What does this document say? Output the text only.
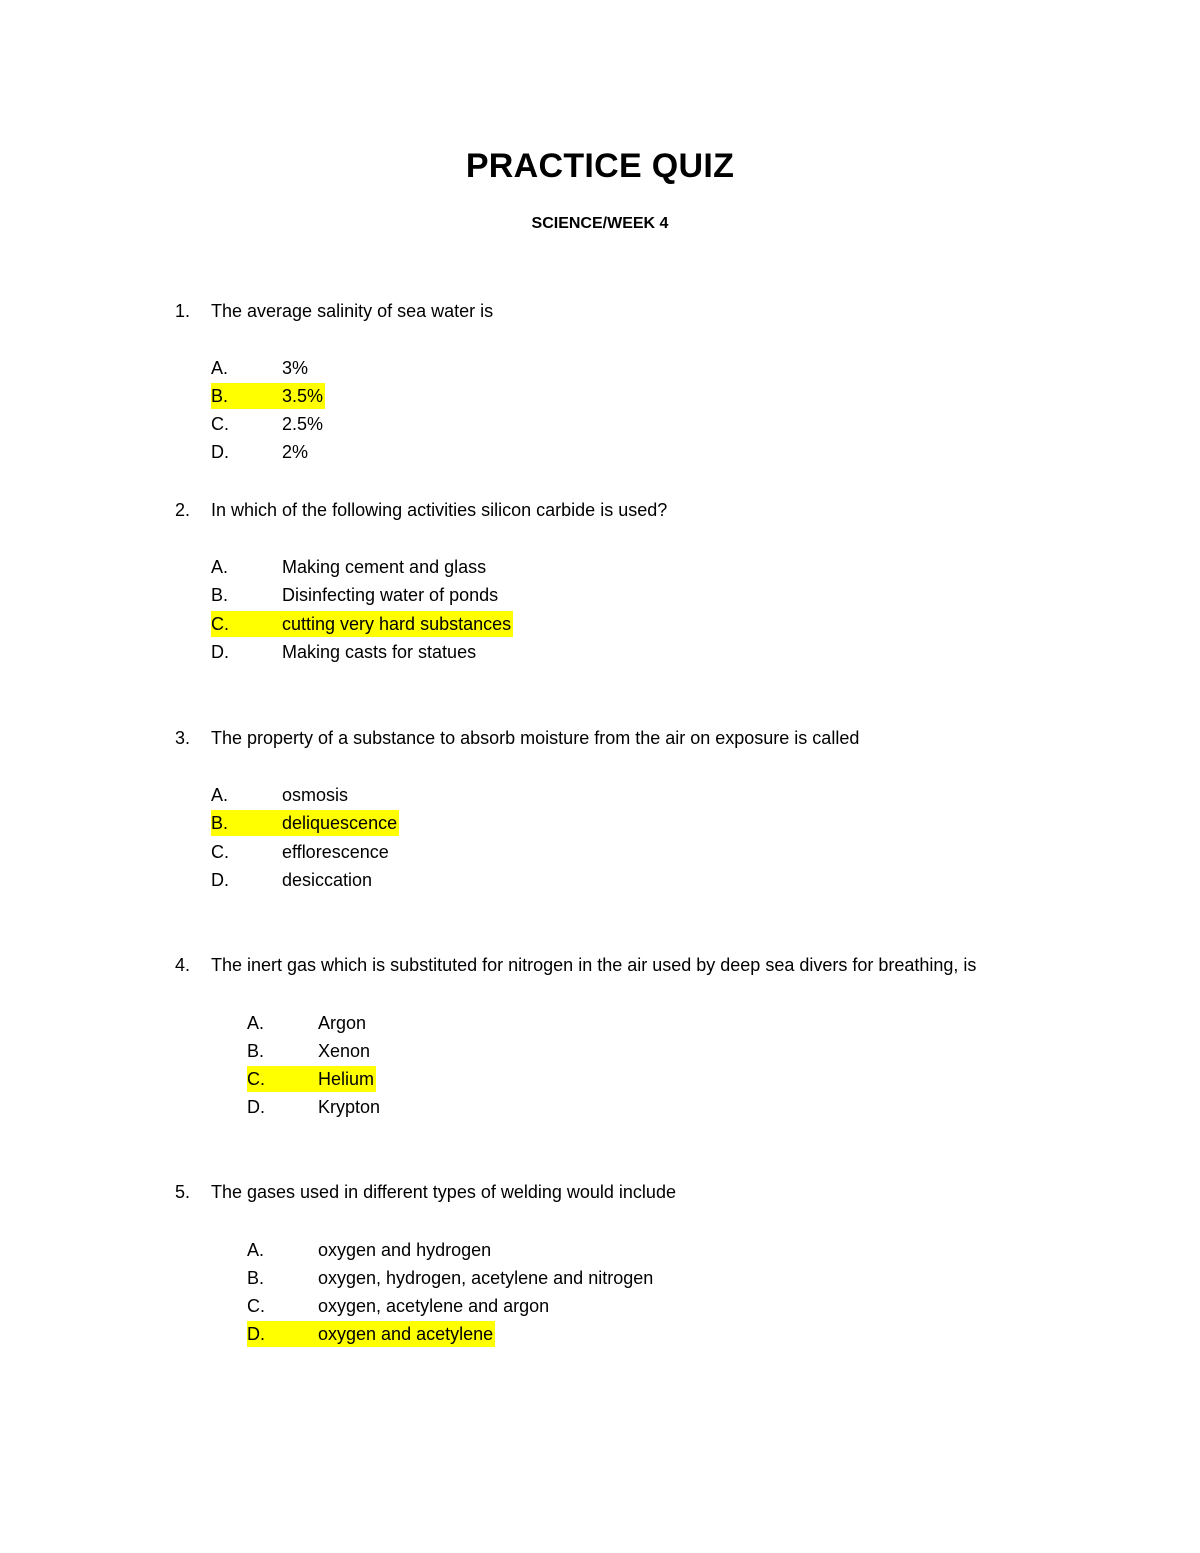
PRACTICE QUIZ
SCIENCE/WEEK 4
1. The average salinity of sea water is
A.	3%
B.	3.5%
C.	2.5%
D.	2%
2. In which of the following activities silicon carbide is used?
A.	Making cement and glass
B.	Disinfecting water of ponds
C.	cutting very hard substances
D.	Making casts for statues
3. The property of a substance to absorb moisture from the air on exposure is called
A.	osmosis
B.	deliquescence
C.	efflorescence
D.	desiccation
4. The inert gas which is substituted for nitrogen in the air used by deep sea divers for breathing, is
A.	Argon
B.	Xenon
C.	Helium
D.	Krypton
5. The gases used in different types of welding would include
A.	oxygen and hydrogen
B.	oxygen, hydrogen, acetylene and nitrogen
C.	oxygen, acetylene and argon
D.	oxygen and acetylene
